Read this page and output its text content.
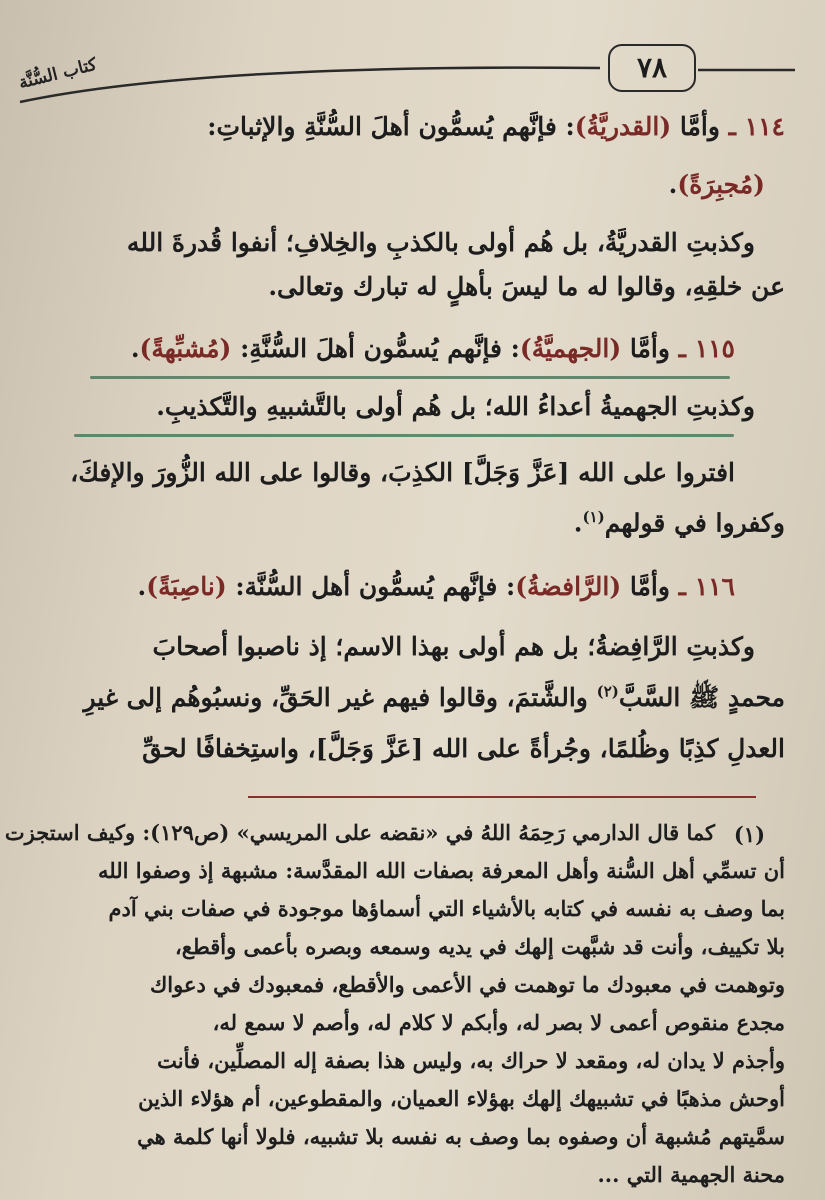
كتاب السُّنَّة	٧٨
١١٤ ـ وأمَّا (القدريَّةُ): فإنَّهم يُسمُّون أهلَ السُّنَّةِ والإثباتِ:
(مُجبِرَةً).
وكذبتِ القدريَّةُ، بل هُم أولى بالكذبِ والخِلافِ؛ أنفوا قُدرةَ الله
عن خلقِهِ، وقالوا له ما ليسَ بأهلٍ له تبارك وتعالى.
١١٥ ـ وأمَّا (الجهميَّةُ): فإنَّهم يُسمُّون أهلَ السُّنَّةِ: (مُشبِّهةً).
وكذبتِ الجهميةُ أعداءُ الله؛ بل هُم أولى بالتَّشبيهِ والتَّكذيبِ.
افتروا على الله [عَزَّ وَجَلَّ] الكذِبَ، وقالوا على الله الزُّورَ والإفكَ،
وكفروا في قولهم$^{(١)}$.
١١٦ ـ وأمَّا (الرَّافضةُ): فإنَّهم يُسمُّون أهل السُّنَّة: (ناصِبَةً).
وكذبتِ الرَّافِضةُ؛ بل هم أولى بهذا الاسم؛ إذ ناصبوا أصحابَ
محمدٍ ﷺ السَّبَّ$^{(٢)}$ والشَّتمَ، وقالوا فيهم غير الحَقِّ، ونسبُوهُم إلى غيرِ
العدلِ كذِبًا وظُلمًا، وجُرأةً على الله [عَزَّ وَجَلَّ]، واستِخفافًا لحقِّ
(١)
كما قال الدارمي رَحِمَهُ اللهُ في «نقضه على المريسي» (ص١٢٩): وكيف استجزت
أن تسمِّي أهل السُّنة وأهل المعرفة بصفات الله المقدَّسة: مشبهة إذ وصفوا الله
بما وصف به نفسه في كتابه بالأشياء التي أسماؤها موجودة في صفات بني آدم
بلا تكييف، وأنت قد شبَّهت إلهك في يديه وسمعه وبصره بأعمى وأقطع،
وتوهمت في معبودك ما توهمت في الأعمى والأقطع، فمعبودك في دعواك
مجدع منقوص أعمى لا بصر له، وأبكم لا كلام له، وأصم لا سمع له،
وأجذم لا يدان له، ومقعد لا حراك به، وليس هذا بصفة إله المصلِّين، فأنت
أوحش مذهبًا في تشبيهك إلهك بهؤلاء العميان، والمقطوعين، أم هؤلاء الذين
سمَّيتهم مُشبهة أن وصفوه بما وصف به نفسه بلا تشبيه، فلولا أنها كلمة هي
محنة الجهمية التي ...
